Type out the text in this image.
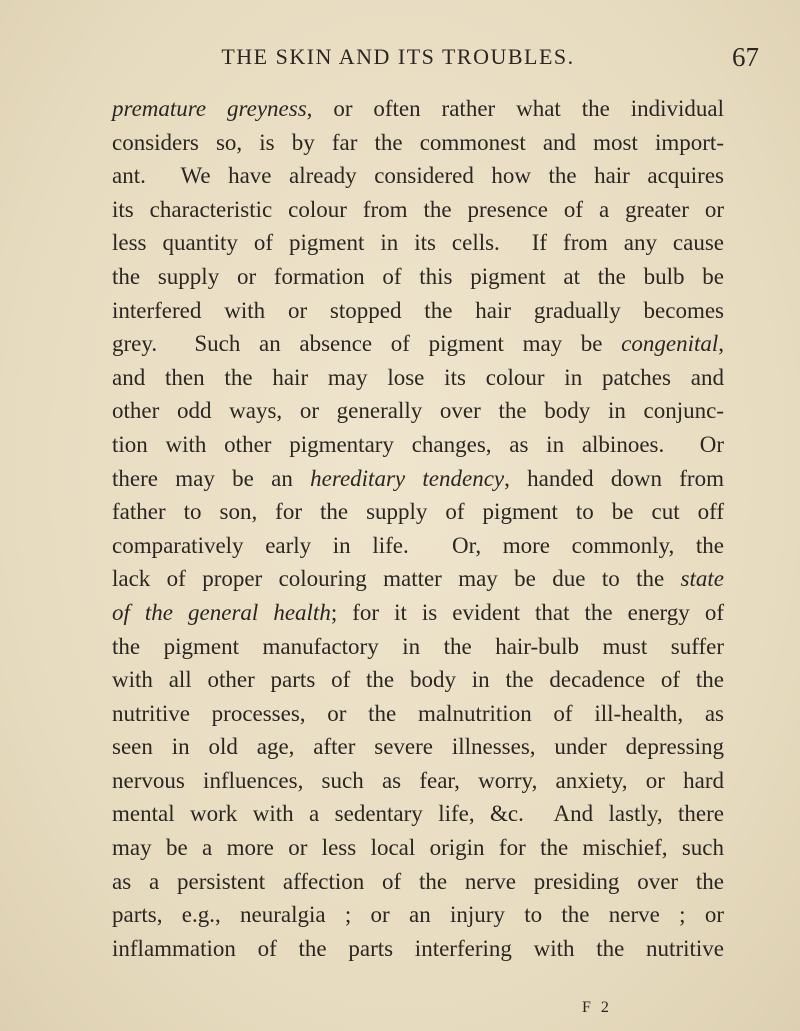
THE SKIN AND ITS TROUBLES.	67
premature greyness, or often rather what the individual
considers so, is by far the commonest and most import-
ant.  We have already considered how the hair acquires
its characteristic colour from the presence of a greater or
less quantity of pigment in its cells.  If from any cause
the supply or formation of this pigment at the bulb be
interfered with or stopped the hair gradually becomes
grey.  Such an absence of pigment may be congenital,
and then the hair may lose its colour in patches and
other odd ways, or generally over the body in conjunc-
tion with other pigmentary changes, as in albinoes.  Or
there may be an hereditary tendency, handed down from
father to son, for the supply of pigment to be cut off
comparatively early in life.  Or, more commonly, the
lack of proper colouring matter may be due to the state
of the general health; for it is evident that the energy of
the pigment manufactory in the hair-bulb must suffer
with all other parts of the body in the decadence of the
nutritive processes, or the malnutrition of ill-health, as
seen in old age, after severe illnesses, under depressing
nervous influences, such as fear, worry, anxiety, or hard
mental work with a sedentary life, &c.  And lastly, there
may be a more or less local origin for the mischief, such
as a persistent affection of the nerve presiding over the
parts, e.g., neuralgia ; or an injury to the nerve ; or
inflammation of the parts interfering with the nutritive
F 2
